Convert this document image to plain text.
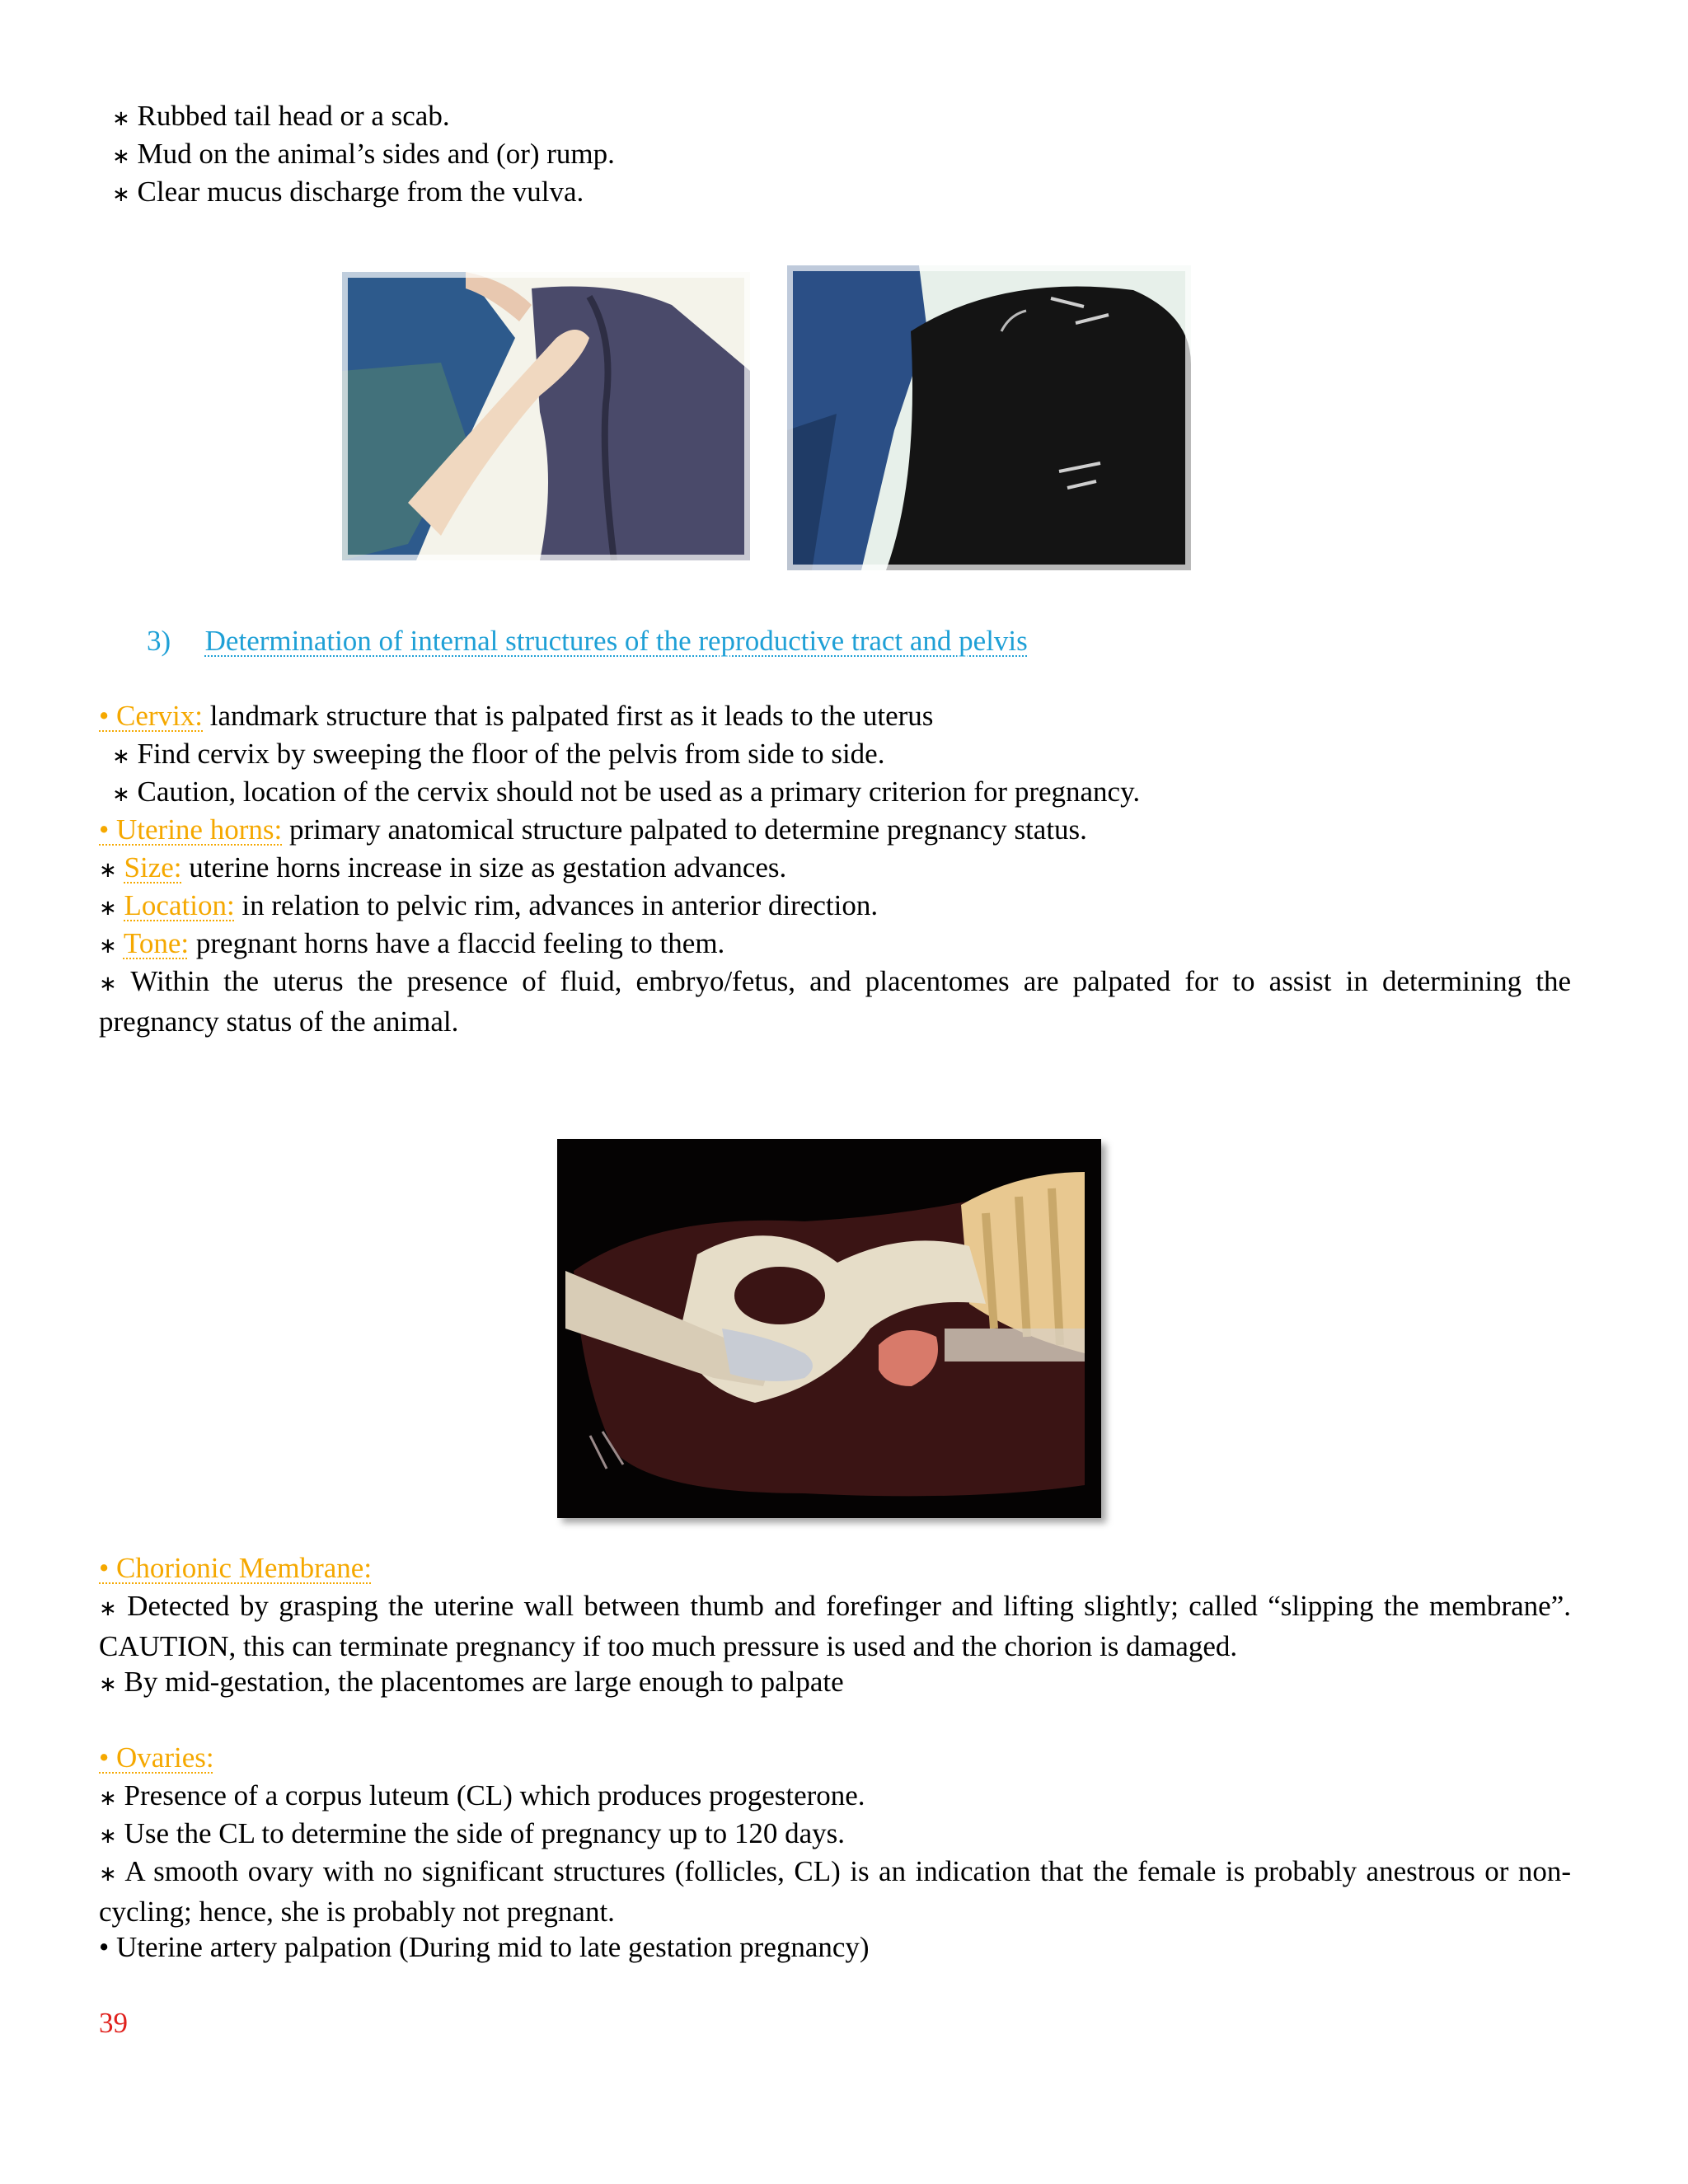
∗ Rubbed tail head or a scab.
∗ Mud on the animal’s sides and (or) rump.
∗ Clear mucus discharge from the vulva.
3) Determination of internal structures of the reproductive tract and pelvis
• Cervix: landmark structure that is palpated first as it leads to the uterus
∗ Find cervix by sweeping the floor of the pelvis from side to side.
∗ Caution, location of the cervix should not be used as a primary criterion for pregnancy.
• Uterine horns: primary anatomical structure palpated to determine pregnancy status.
∗ Size: uterine horns increase in size as gestation advances.
∗ Location: in relation to pelvic rim, advances in anterior direction.
∗ Tone: pregnant horns have a flaccid feeling to them.
∗ Within the uterus the presence of fluid, embryo/fetus, and placentomes are palpated for to assist in determining the pregnancy status of the animal.
• Chorionic Membrane:
∗ Detected by grasping the uterine wall between thumb and forefinger and lifting slightly; called “slipping the membrane”. CAUTION, this can terminate pregnancy if too much pressure is used and the chorion is damaged.
∗ By mid-gestation, the placentomes are large enough to palpate
• Ovaries:
∗ Presence of a corpus luteum (CL) which produces progesterone.
∗ Use the CL to determine the side of pregnancy up to 120 days.
∗ A smooth ovary with no significant structures (follicles, CL) is an indication that the female is probably anestrous or non-cycling; hence, she is probably not pregnant.
• Uterine artery palpation (During mid to late gestation pregnancy)
39
